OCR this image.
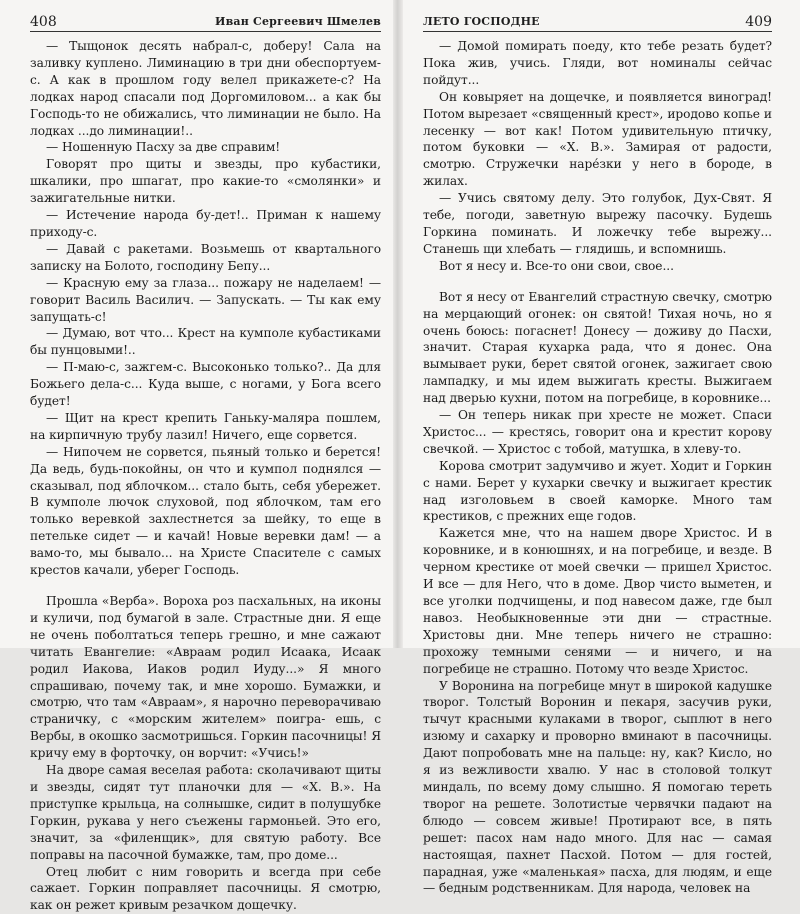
408	Иван Сергеевич Шмелев

— Тыщонок десять набрал-с, доберу! Сала на заливку куплено. Лиминацию в три дни обеспортуем-с. А как в прошлом году велел прикажете-с? На лодках народ спасали под Доргомиловом... а как бы Господь-то не обижались, что лиминации не было. На лодках ...до лиминации!..

— Ношенную Пасху за две справим!

Говорят про щиты и звезды, про кубастики, шкалики, про шпагат, про какие-то «смолянки» и зажигательные нитки.

— Истечение народа бу-дет!.. Приман к нашему приходу-с.

— Давай с ракетами. Возьмешь от квартального записку на Болото, господину Бепу...

— Красную ему за глаза... пожару не наделаем! — говорит Василь Василич. — Запускать. — Ты как ему запущать-с!

— Думаю, вот что... Крест на кумполе кубастиками бы пунцовыми!..

— П-маю-с, зажгем-с. Высоконько только?.. Да для Божьего дела-с... Куда выше, с ногами, у Бога всего будет!

— Щит на крест крепить Ганьку-маляра пошлем, на кирпичную трубу лазил! Ничего, еще сорвется.

— Нипочем не сорвется, пьяный только и берется! Да ведь, будь-покойны, он что и кумпол поднялся — сказывал, под яблочком... стало быть, себя убережет. В кумполе лючок слуховой, под яблочком, там его только веревкой захлестнется за шейку, то еще в петельке сидет — и качай! Новые веревки дам! — а вамо-то, мы бывало... на Христе Спасителе с самых крестов качали, уберег Господь.

Прошла «Верба». Вороха роз пасхальных, на иконы и куличи, под бумагой в зале. Страстные дни. Я еще не очень поболтаться теперь грешно, и мне сажают читать Евангелие: «Авраам родил Исаака, Исаак родил Иакова, Иаков родил Иуду...» Я много спрашиваю, почему так, и мне хорошо. Бумажки, и смотрю, что там «Авраам», я нарочно переворачиваю страничку, с «морским жителем» поигра- ешь, с Вербы, в окошко засмотришься. Горкин пасочницы! Я кричу ему в форточку, он ворчит: «Учись!»

На дворе самая веселая работа: сколачивают щиты и звезды, сидят тут планочки для — «Х. В.». На приступке крыльца, на солнышке, сидит в полушубке Горкин, рукава у него съежены гармоньей. Это его, значит, за «филенщик», для святую работу. Все поправы на пасочной бумажке, там, про доме...

Отец любит с ним говорить и всегда при себе сажает. Горкин поправляет пасочницы. Я смотрю, как он режет кривым резачком дощечку.

ЛЕТО ГОСПОДНЕ	409

— Домой помирать поеду, кто тебе резать будет? Пока жив, учись. Гляди, вот номиналы сейчас пойдут...

Он ковыряет на дощечке, и появляется виноград! Потом вырезает «священный крест», иродово копье и лесенку — вот как! Потом удивительную птичку, потом буковки — «Х. В.». Замирая от радости, смотрю. Стружечки наре́зки у него в бороде, в жилах.

— Учись святому делу. Это голубок, Дух-Свят. Я тебе, погоди, заветную вырежу пасочку. Будешь Горкина поминать. И ложечку тебе вырежу... Станешь щи хлебать — глядишь, и вспомнишь.

Вот я несу и. Все-то они свои, свое...

Вот я несу от Евангелий страстную свечку, смотрю на мерцающий огонек: он святой! Тихая ночь, но я очень боюсь: погаснет! Донесу — доживу до Пасхи, значит. Старая кухарка рада, что я донес. Она вымывает руки, берет святой огонек, зажигает свою лампадку, и мы идем выжигать кресты. Выжигаем над дверью кухни, потом на погребице, в коровнике...

— Он теперь никак при хресте не может. Спаси Христос... — крестясь, говорит она и крестит корову свечкой. — Христос с тобой, матушка, в хлеву-то.

Корова смотрит задумчиво и жует. Ходит и Горкин с нами. Берет у кухарки свечку и выжигает крестик над изголовьем в своей каморке. Много там крестиков, с прежних еще годов.

Кажется мне, что на нашем дворе Христос. И в коровнике, и в конюшнях, и на погребице, и везде. В черном крестике от моей свечки — пришел Христос. И все — для Него, что в доме. Двор чисто выметен, и все уголки подчищены, и под навесом даже, где был навоз. Необыкновенные эти дни — страстные. Христовы дни. Мне теперь ничего не страшно: прохожу темными сенями — и ничего, и на погребице не страшно. Потому что везде Христос.

У Воронина на погребице мнут в широкой кадушке творог. Толстый Воронин и пекаря, засучив руки, тычут красными кулаками в творог, сыплют в него изюму и сахарку и проворно вминают в пасочницы. Дают попробовать мне на пальце: ну, как? Кисло, но я из вежливости хвалю. У нас в столовой толкут миндаль, по всему дому слышно. Я помогаю тереть творог на решете. Золотистые червячки падают на блюдо — совсем живые! Протирают все, в пять решет: пасох нам надо много. Для нас — самая настоящая, пахнет Пасхой. Потом — для гостей, парадная, уже «маленькая» пасха, для людям, и еще — бедным родственникам. Для народа, человек на
